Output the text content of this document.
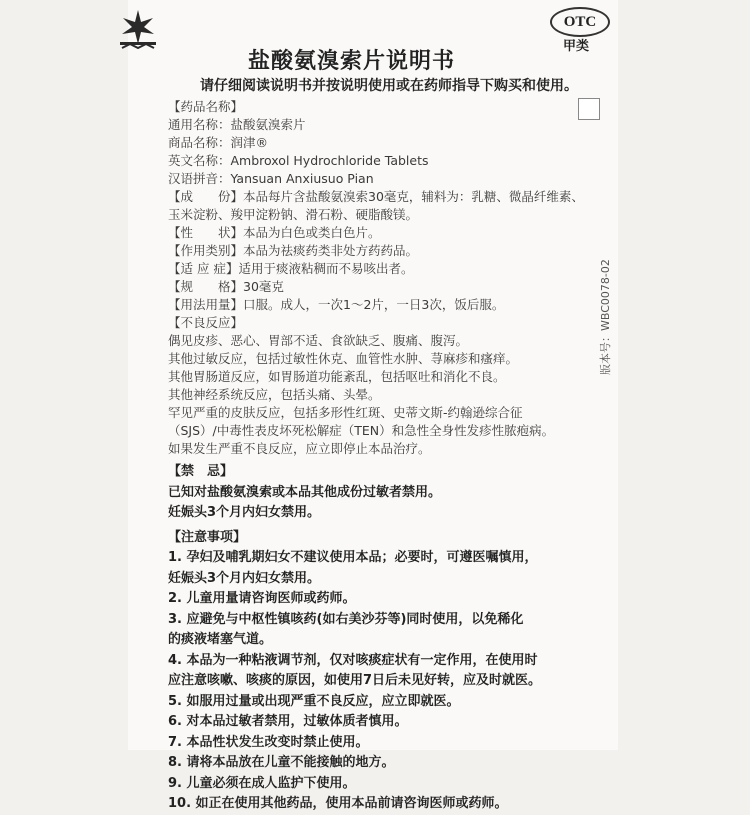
OTC
甲类
盐酸氨溴索片说明书
请仔细阅读说明书并按说明使用或在药师指导下购买和使用。
版本号：WBC0078-02
【药品名称】
通用名称：盐酸氨溴索片
商品名称：润津®
英文名称：Ambroxol Hydrochloride Tablets
汉语拼音：Yansuan Anxiusuo Pian
【成　　份】本品每片含盐酸氨溴索30毫克，辅料为：乳糖、微晶纤维素、
玉米淀粉、羧甲淀粉钠、滑石粉、硬脂酸镁。
【性　　状】本品为白色或类白色片。
【作用类别】本品为祛痰药类非处方药药品。
【适 应 症】适用于痰液粘稠而不易咳出者。
【规　　格】30毫克
【用法用量】口服。成人，一次1～2片，一日3次，饭后服。
【不良反应】
偶见皮疹、恶心、胃部不适、食欲缺乏、腹痛、腹泻。
其他过敏反应，包括过敏性休克、血管性水肿、荨麻疹和瘙痒。
其他胃肠道反应，如胃肠道功能紊乱，包括呕吐和消化不良。
其他神经系统反应，包括头痛、头晕。
罕见严重的皮肤反应，包括多形性红斑、史蒂文斯-约翰逊综合征
（SJS）/中毒性表皮坏死松解症（TEN）和急性全身性发疹性脓疱病。
如果发生严重不良反应，应立即停止本品治疗。
【禁　忌】
已知对盐酸氨溴索或本品其他成份过敏者禁用。
妊娠头3个月内妇女禁用。
【注意事项】
1. 孕妇及哺乳期妇女不建议使用本品；必要时，可遵医嘱慎用，
妊娠头3个月内妇女禁用。
2. 儿童用量请咨询医师或药师。
3. 应避免与中枢性镇咳药(如右美沙芬等)同时使用，以免稀化
的痰液堵塞气道。
4. 本品为一种粘液调节剂，仅对咳痰症状有一定作用，在使用时
应注意咳嗽、咳痰的原因，如使用7日后未见好转，应及时就医。
5. 如服用过量或出现严重不良反应，应立即就医。
6. 对本品过敏者禁用，过敏体质者慎用。
7. 本品性状发生改变时禁止使用。
8. 请将本品放在儿童不能接触的地方。
9. 儿童必须在成人监护下使用。
10. 如正在使用其他药品，使用本品前请咨询医师或药师。
